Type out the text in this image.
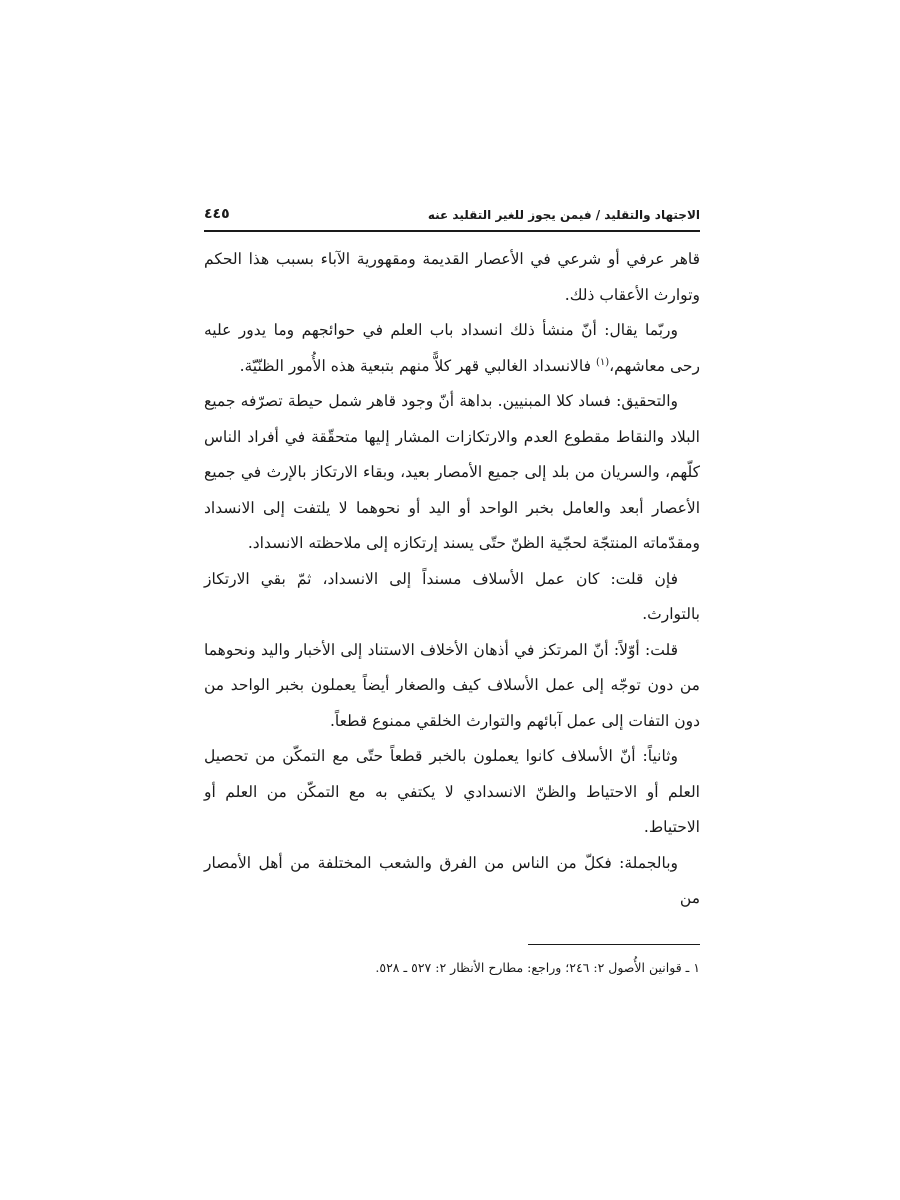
الاجتهاد والتقليد / فيمن يجوز للغير التقليد عنه
٤٤٥

قاهر عرفي أو شرعي في الأعصار القديمة ومقهورية الآباء بسبب هذا الحكم وتوارث الأعقاب ذلك.

وربّما يقال: أنّ منشأ ذلك انسداد باب العلم في حوائجهم وما يدور عليه رحى معاشهم،$^{(١)}$ فالانسداد الغالبي قهر كلاًّ منهم بتبعية هذه الأُمور الظنّيّة.

والتحقيق: فساد كلا المبنيين. بداهة أنّ وجود قاهر شمل حيطة تصرّفه جميع البلاد والنقاط مقطوع العدم والارتكازات المشار إليها متحقّقة في أفراد الناس كلّهم، والسريان من بلد إلى جميع الأمصار بعيد، وبقاء الارتكاز بالإرث في جميع الأعصار أبعد والعامل بخبر الواحد أو اليد أو نحوهما لا يلتفت إلى الانسداد ومقدّماته المنتجّة لحجّية الظنّ حتّى يسند إرتكازه إلى ملاحظته الانسداد.

فإن قلت: كان عمل الأسلاف مسنداً إلى الانسداد، ثمّ بقي الارتكاز بالتوارث.

قلت: أوّلاً: أنّ المرتكز في أذهان الأخلاف الاستناد إلى الأخبار واليد ونحوهما من دون توجّه إلى عمل الأسلاف كيف والصغار أيضاً يعملون بخبر الواحد من دون التفات إلى عمل آبائهم والتوارث الخلقي ممنوع قطعاً.

وثانياً: أنّ الأسلاف كانوا يعملون بالخبر قطعاً حتّى مع التمكّن من تحصيل العلم أو الاحتياط والظنّ الانسدادي لا يكتفي به مع التمكّن من العلم أو الاحتياط.

وبالجملة: فكلّ من الناس من الفرق والشعب المختلفة من أهل الأمصار من

١ ـ قوانين الأُصول ٢: ٢٤٦؛ وراجع: مطارح الأنظار ٢: ٥٢٧ ـ ٥٢٨.
